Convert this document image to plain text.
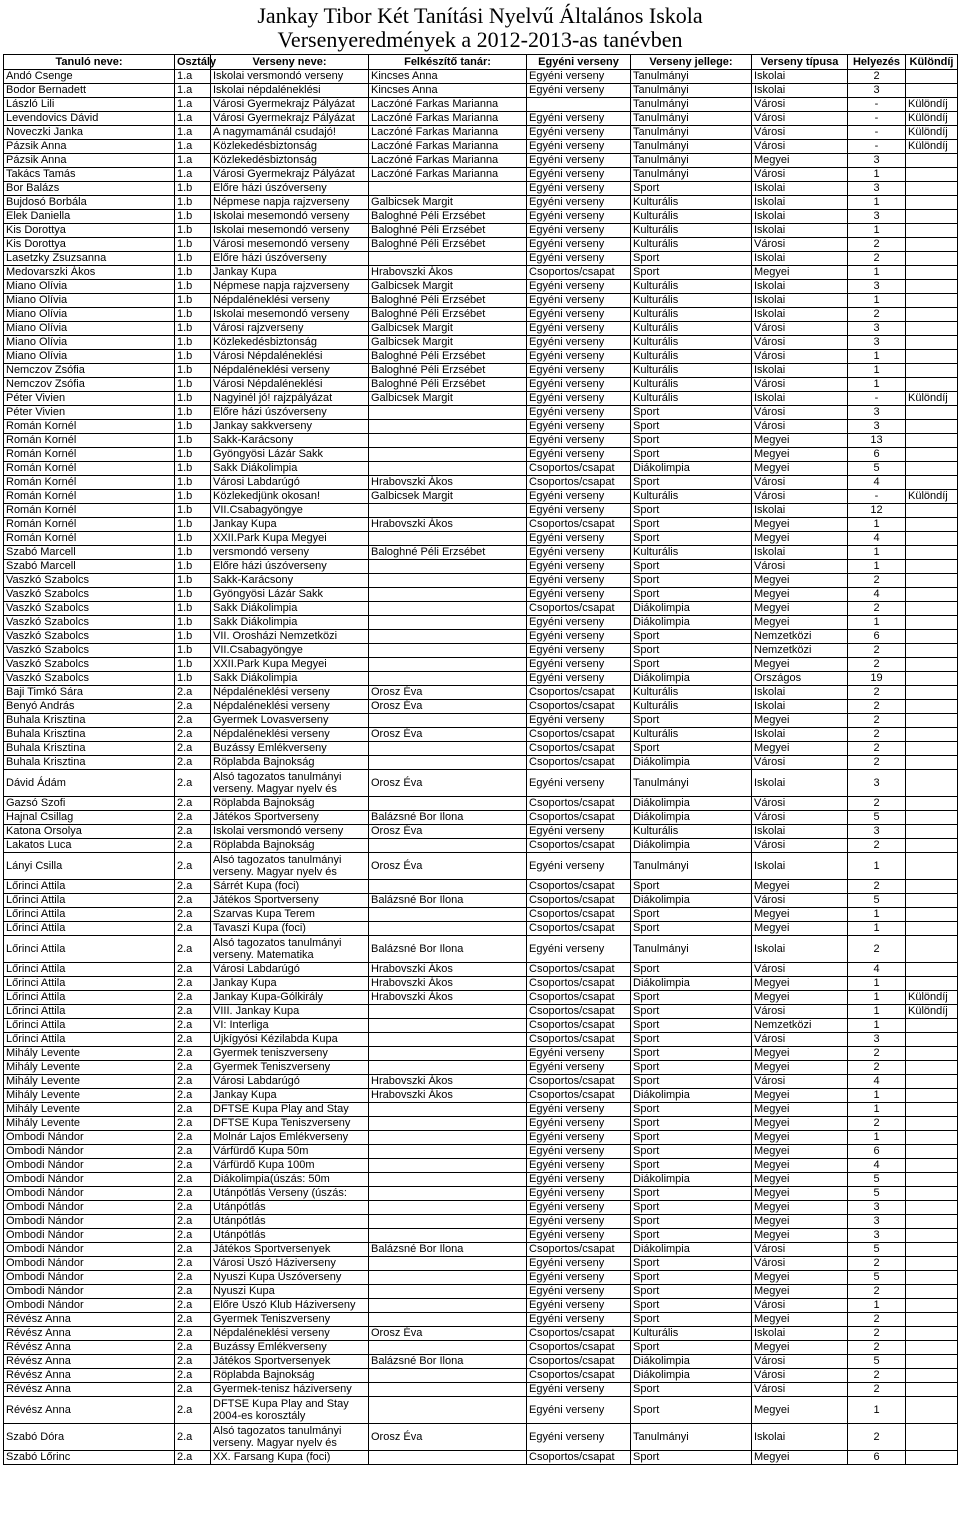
Jankay Tibor Két Tanítási Nyelvű Általános Iskola
Versenyeredmények a 2012-2013-as tanévben
Tanuló neve:	Osztály	Verseny neve:	Felkészítő tanár:	Egyéni verseny	Verseny jellege:	Verseny típusa	Helyezés	Különdíj
Andó Csenge	1.a	Iskolai versmondó verseny	Kincses Anna	Egyéni verseny	Tanulmányi	Iskolai	2	
Bodor Bernadett	1.a	Iskolai népdaléneklési	Kincses Anna	Egyéni verseny	Tanulmányi	Iskolai	3	
László Lili	1.a	Városi Gyermekrajz Pályázat	Laczóné Farkas Marianna		Tanulmányi	Városi	-	Különdíj
Levendovics Dávid	1.a	Városi Gyermekrajz Pályázat	Laczóné Farkas Marianna	Egyéni verseny	Tanulmányi	Városi	-	Különdíj
Noveczki Janka	1.a	A nagymamánál csudajó!	Laczóné Farkas Marianna	Egyéni verseny	Tanulmányi	Városi	-	Különdíj
Pázsik Anna	1.a	Közlekedésbiztonság	Laczóné Farkas Marianna	Egyéni verseny	Tanulmányi	Városi	-	Különdíj
Pázsik Anna	1.a	Közlekedésbiztonság	Laczóné Farkas Marianna	Egyéni verseny	Tanulmányi	Megyei	3	
Takács Tamás	1.a	Városi Gyermekrajz Pályázat	Laczóné Farkas Marianna	Egyéni verseny	Tanulmányi	Városi	1	
Bor Balázs	1.b	Előre házi úszóverseny		Egyéni verseny	Sport	Iskolai	3	
Bujdosó Borbála	1.b	Népmese napja rajzverseny	Galbicsek Margit	Egyéni verseny	Kulturális	Iskolai	1	
Elek Daniella	1.b	Iskolai mesemondó verseny	Baloghné Péli Erzsébet	Egyéni verseny	Kulturális	Iskolai	3	
Kis Dorottya	1.b	Iskolai mesemondó verseny	Baloghné Péli Erzsébet	Egyéni verseny	Kulturális	Iskolai	1	
Kis Dorottya	1.b	Városi mesemondó verseny	Baloghné Péli Erzsébet	Egyéni verseny	Kulturális	Városi	2	
Lasetzky Zsuzsanna	1.b	Előre házi úszóverseny		Egyéni verseny	Sport	Iskolai	2	
Medovarszki Ákos	1.b	Jankay Kupa	Hrabovszki Ákos	Csoportos/csapat	Sport	Megyei	1	
Miano Olívia	1.b	Népmese napja rajzverseny	Galbicsek Margit	Egyéni verseny	Kulturális	Iskolai	3	
Miano Olívia	1.b	Népdaléneklési verseny	Baloghné Péli Erzsébet	Egyéni verseny	Kulturális	Iskolai	1	
Miano Olívia	1.b	Iskolai mesemondó verseny	Baloghné Péli Erzsébet	Egyéni verseny	Kulturális	Iskolai	2	
Miano Olívia	1.b	Városi rajzverseny	Galbicsek Margit	Egyéni verseny	Kulturális	Városi	3	
Miano Olívia	1.b	Közlekedésbiztonság	Galbicsek Margit	Egyéni verseny	Kulturális	Városi	3	
Miano Olívia	1.b	Városi Népdaléneklési	Baloghné Péli Erzsébet	Egyéni verseny	Kulturális	Városi	1	
Nemczov Zsófia	1.b	Népdaléneklési verseny	Baloghné Péli Erzsébet	Egyéni verseny	Kulturális	Iskolai	1	
Nemczov Zsófia	1.b	Városi Népdaléneklési	Baloghné Péli Erzsébet	Egyéni verseny	Kulturális	Városi	1	
Péter Vivien	1.b	Nagyinél jó! rajzpályázat	Galbicsek Margit	Egyéni verseny	Kulturális	Iskolai	-	Különdíj
Péter Vivien	1.b	Előre házi úszóverseny		Egyéni verseny	Sport	Városi	3	
Román Kornél	1.b	Jankay sakkverseny		Egyéni verseny	Sport	Városi	3	
Román Kornél	1.b	Sakk-Karácsony		Egyéni verseny	Sport	Megyei	13	
Román Kornél	1.b	Gyöngyösi Lázár Sakk		Egyéni verseny	Sport	Megyei	6	
Román Kornél	1.b	Sakk Diákolimpia		Csoportos/csapat	Diákolimpia	Megyei	5	
Román Kornél	1.b	Városi Labdarúgó	Hrabovszki Ákos	Csoportos/csapat	Sport	Városi	4	
Román Kornél	1.b	Közlekedjünk okosan!	Galbicsek Margit	Egyéni verseny	Kulturális	Városi	-	Különdíj
Román Kornél	1.b	VII.Csabagyöngye		Egyéni verseny	Sport	Iskolai	12	
Román Kornél	1.b	Jankay Kupa	Hrabovszki Ákos	Csoportos/csapat	Sport	Megyei	1	
Román Kornél	1.b	XXII.Park Kupa Megyei		Egyéni verseny	Sport	Megyei	4	
Szabó Marcell	1.b	versmondó verseny	Baloghné Péli Erzsébet	Egyéni verseny	Kulturális	Iskolai	1	
Szabó Marcell	1.b	Előre házi úszóverseny		Egyéni verseny	Sport	Városi	1	
Vaszkó Szabolcs	1.b	Sakk-Karácsony		Egyéni verseny	Sport	Megyei	2	
Vaszkó Szabolcs	1.b	Gyöngyösi Lázár Sakk		Egyéni verseny	Sport	Megyei	4	
Vaszkó Szabolcs	1.b	Sakk Diákolimpia		Csoportos/csapat	Diákolimpia	Megyei	2	
Vaszkó Szabolcs	1.b	Sakk Diákolimpia		Egyéni verseny	Diákolimpia	Megyei	1	
Vaszkó Szabolcs	1.b	VII. Orosházi Nemzetközi		Egyéni verseny	Sport	Nemzetközi	6	
Vaszkó Szabolcs	1.b	VII.Csabagyöngye		Egyéni verseny	Sport	Nemzetközi	2	
Vaszkó Szabolcs	1.b	XXII.Park Kupa Megyei		Egyéni verseny	Sport	Megyei	2	
Vaszkó Szabolcs	1.b	Sakk Diákolimpia		Egyéni verseny	Diákolimpia	Országos	19	
Baji Timkó Sára	2.a	Népdaléneklési verseny	Orosz Éva	Csoportos/csapat	Kulturális	Iskolai	2	
Benyó András	2.a	Népdaléneklési verseny	Orosz Éva	Csoportos/csapat	Kulturális	Iskolai	2	
Buhala Krisztina	2.a	Gyermek Lovasverseny		Egyéni verseny	Sport	Megyei	2	
Buhala Krisztina	2.a	Népdaléneklési verseny	Orosz Éva	Csoportos/csapat	Kulturális	Iskolai	2	
Buhala Krisztina	2.a	Buzássy Emlékverseny		Csoportos/csapat	Sport	Megyei	2	
Buhala Krisztina	2.a	Röplabda Bajnokság		Csoportos/csapat	Diákolimpia	Városi	2	
Dávid Ádám	2.a	Alsó tagozatos tanulmányi verseny. Magyar nyelv és	Orosz Éva	Egyéni verseny	Tanulmányi	Iskolai	3	
Gazsó Szofi	2.a	Röplabda Bajnokság		Csoportos/csapat	Diákolimpia	Városi	2	
Hajnal Csillag	2.a	Játékos Sportverseny	Balázsné Bor Ilona	Csoportos/csapat	Diákolimpia	Városi	5	
Katona Orsolya	2.a	Iskolai versmondó verseny	Orosz Éva	Egyéni verseny	Kulturális	Iskolai	3	
Lakatos Luca	2.a	Röplabda Bajnokság		Csoportos/csapat	Diákolimpia	Városi	2	
Lányi Csilla	2.a	Alsó tagozatos tanulmányi verseny. Magyar nyelv és	Orosz Éva	Egyéni verseny	Tanulmányi	Iskolai	1	
Lőrinci Attila	2.a	Sárrét Kupa (foci)		Csoportos/csapat	Sport	Megyei	2	
Lőrinci Attila	2.a	Játékos Sportverseny	Balázsné Bor Ilona	Csoportos/csapat	Diákolimpia	Városi	5	
Lőrinci Attila	2.a	Szarvas Kupa Terem		Csoportos/csapat	Sport	Megyei	1	
Lőrinci Attila	2.a	Tavaszi Kupa (foci)		Csoportos/csapat	Sport	Megyei	1	
Lőrinci Attila	2.a	Alsó tagozatos tanulmányi verseny. Matematika	Balázsné Bor Ilona	Egyéni verseny	Tanulmányi	Iskolai	2	
Lőrinci Attila	2.a	Városi Labdarúgó	Hrabovszki Ákos	Csoportos/csapat	Sport	Városi	4	
Lőrinci Attila	2.a	Jankay Kupa	Hrabovszki Ákos	Csoportos/csapat	Diákolimpia	Megyei	1	
Lőrinci Attila	2.a	Jankay Kupa-Gólkirály	Hrabovszki Ákos	Csoportos/csapat	Sport	Megyei	1	Különdíj
Lőrinci Attila	2.a	VIII. Jankay Kupa		Csoportos/csapat	Sport	Városi	1	Különdíj
Lőrinci Attila	2.a	VI: Interliga		Csoportos/csapat	Sport	Nemzetközi	1	
Lőrinci Attila	2.a	Újkígyósi Kézilabda Kupa		Csoportos/csapat	Sport	Városi	3	
Mihály Levente	2.a	Gyermek teniszverseny		Egyéni verseny	Sport	Megyei	2	
Mihály Levente	2.a	Gyermek Teniszverseny		Egyéni verseny	Sport	Megyei	2	
Mihály Levente	2.a	Városi Labdarúgó	Hrabovszki Ákos	Csoportos/csapat	Sport	Városi	4	
Mihály Levente	2.a	Jankay Kupa	Hrabovszki Ákos	Csoportos/csapat	Diákolimpia	Megyei	1	
Mihály Levente	2.a	DFTSE Kupa Play and Stay		Egyéni verseny	Sport	Megyei	1	
Mihály Levente	2.a	DFTSE Kupa Teniszverseny		Egyéni verseny	Sport	Megyei	2	
Ombodi Nándor	2.a	Molnár Lajos Emlékverseny		Egyéni verseny	Sport	Megyei	1	
Ombodi Nándor	2.a	Várfürdő Kupa 50m		Egyéni verseny	Sport	Megyei	6	
Ombodi Nándor	2.a	Várfürdő Kupa 100m		Egyéni verseny	Sport	Megyei	4	
Ombodi Nándor	2.a	Diákolimpia(úszás: 50m		Egyéni verseny	Diákolimpia	Megyei	5	
Ombodi Nándor	2.a	Utánpótlás Verseny (úszás:		Egyéni verseny	Sport	Megyei	5	
Ombodi Nándor	2.a	Utánpótlás		Egyéni verseny	Sport	Megyei	3	
Ombodi Nándor	2.a	Utánpótlás		Egyéni verseny	Sport	Megyei	3	
Ombodi Nándor	2.a	Utánpótlás		Egyéni verseny	Sport	Megyei	3	
Ombodi Nándor	2.a	Játékos Sportversenyek	Balázsné Bor Ilona	Csoportos/csapat	Diákolimpia	Városi	5	
Ombodi Nándor	2.a	Városi Úszó Háziverseny		Egyéni verseny	Sport	Városi	2	
Ombodi Nándor	2.a	Nyuszi Kupa Úszóverseny		Egyéni verseny	Sport	Megyei	5	
Ombodi Nándor	2.a	Nyuszi Kupa		Egyéni verseny	Sport	Megyei	2	
Ombodi Nándor	2.a	Előre Úszó Klub Háziverseny		Egyéni verseny	Sport	Városi	1	
Révész Anna	2.a	Gyermek Teniszverseny		Egyéni verseny	Sport	Megyei	2	
Révész Anna	2.a	Népdaléneklési verseny	Orosz Éva	Csoportos/csapat	Kulturális	Iskolai	2	
Révész Anna	2.a	Buzássy Emlékverseny		Csoportos/csapat	Sport	Megyei	2	
Révész Anna	2.a	Játékos Sportversenyek	Balázsné Bor Ilona	Csoportos/csapat	Diákolimpia	Városi	5	
Révész Anna	2.a	Röplabda Bajnokság		Csoportos/csapat	Diákolimpia	Városi	2	
Révész Anna	2.a	Gyermek-tenisz háziverseny		Egyéni verseny	Sport	Városi	2	
Révész Anna	2.a	DFTSE Kupa Play and Stay 2004-es korosztály		Egyéni verseny	Sport	Megyei	1	
Szabó Dóra	2.a	Alsó tagozatos tanulmányi verseny. Magyar nyelv és	Orosz Éva	Egyéni verseny	Tanulmányi	Iskolai	2	
Szabó Lőrinc	2.a	XX. Farsang Kupa (foci)		Csoportos/csapat	Sport	Megyei	6	
